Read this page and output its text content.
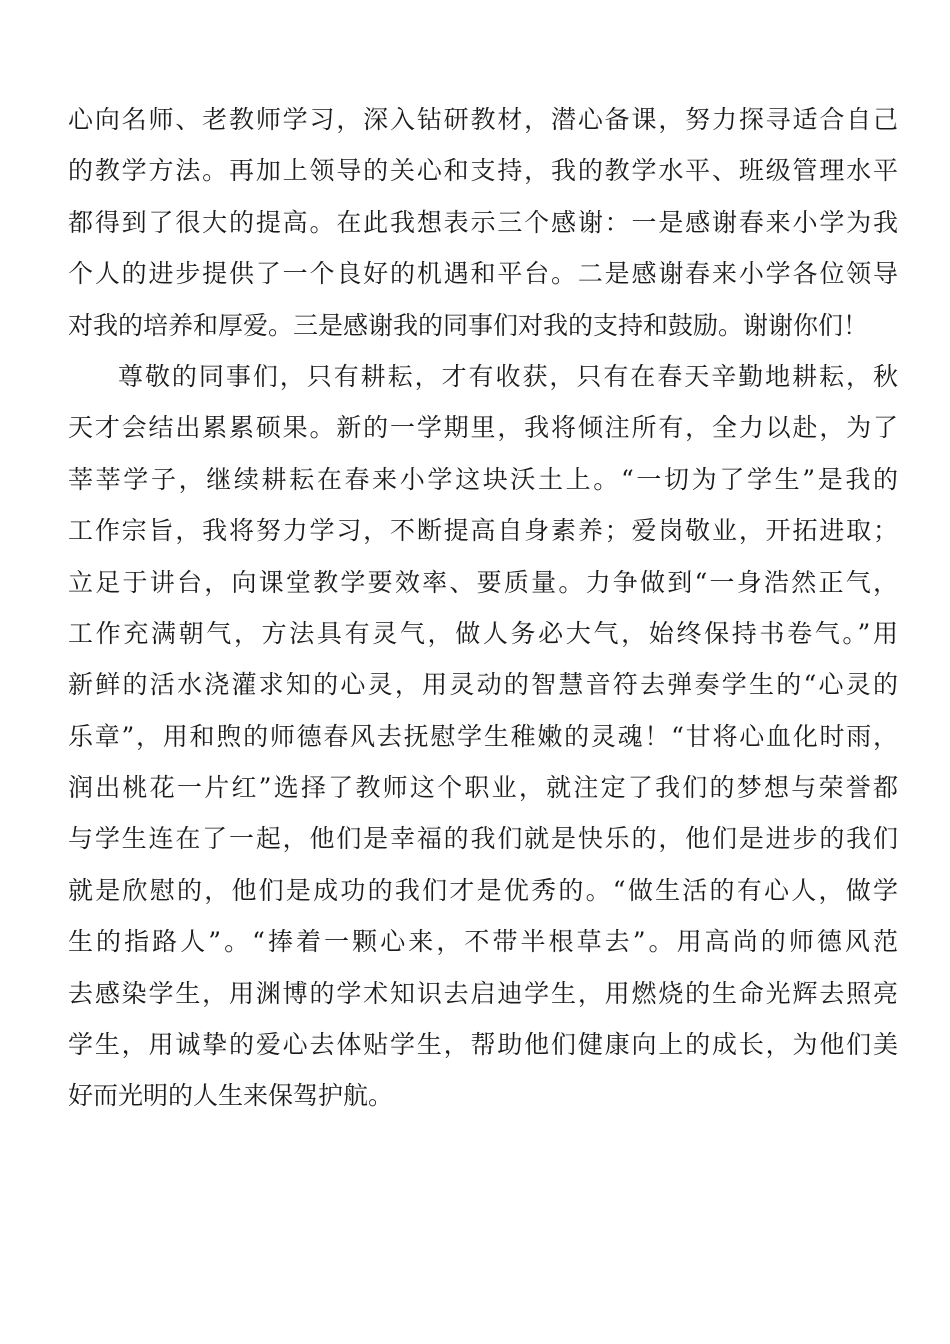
心向名师、老教师学习，深入钻研教材，潜心备课，努力探寻适合自己
的教学方法。再加上领导的关心和支持，我的教学水平、班级管理水平
都得到了很大的提高。在此我想表示三个感谢：一是感谢春来小学为我
个人的进步提供了一个良好的机遇和平台。二是感谢春来小学各位领导
对我的培养和厚爱。三是感谢我的同事们对我的支持和鼓励。谢谢你们！
尊敬的同事们，只有耕耘，才有收获，只有在春天辛勤地耕耘，秋
天才会结出累累硕果。新的一学期里，我将倾注所有，全力以赴，为了
莘莘学子，继续耕耘在春来小学这块沃土上。“一切为了学生”是我的
工作宗旨，我将努力学习，不断提高自身素养；爱岗敬业，开拓进取；
立足于讲台，向课堂教学要效率、要质量。力争做到“一身浩然正气，
工作充满朝气，方法具有灵气，做人务必大气，始终保持书卷气。”用
新鲜的活水浇灌求知的心灵，用灵动的智慧音符去弹奏学生的“心灵的
乐章”，用和煦的师德春风去抚慰学生稚嫩的灵魂！“甘将心血化时雨，
润出桃花一片红”选择了教师这个职业，就注定了我们的梦想与荣誉都
与学生连在了一起，他们是幸福的我们就是快乐的，他们是进步的我们
就是欣慰的，他们是成功的我们才是优秀的。“做生活的有心人，做学
生的指路人”。“捧着一颗心来，不带半根草去”。用高尚的师德风范
去感染学生，用渊博的学术知识去启迪学生，用燃烧的生命光辉去照亮
学生，用诚挚的爱心去体贴学生，帮助他们健康向上的成长，为他们美
好而光明的人生来保驾护航。
